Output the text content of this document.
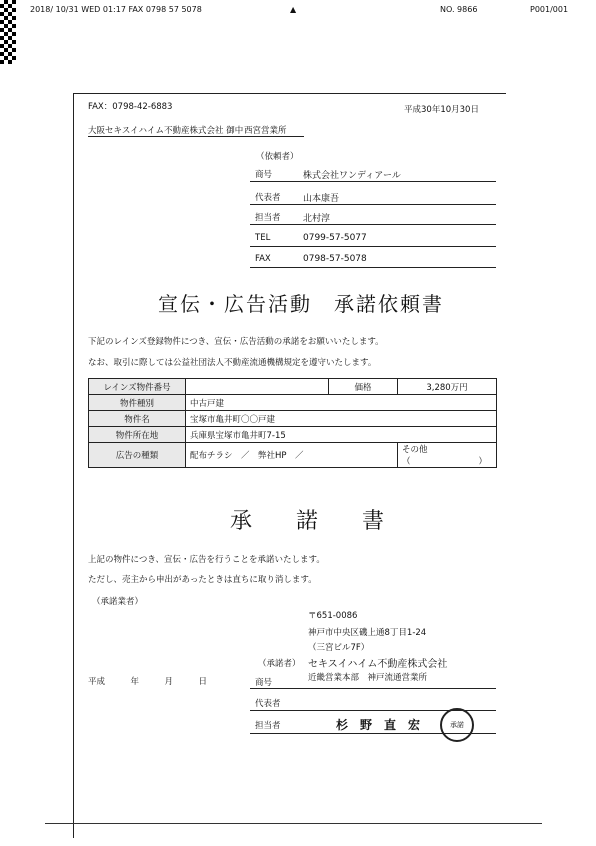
2018/ 10/31 WED 01:17 FAX 0798 57 5078	▲	NO. 9866	P001/001
FAX：0798-42-6883	平成30年10月30日
大阪セキスイハイム不動産株式会社 御中 西宮営業所
（依頼者）
商号	株式会社ワンディアール
代表者 山本康吾
担当者 北村淳
TEL	0799-57-5077
FAX	0798-57-5078
宣伝・広告活動　承諾依頼書
下記のレインズ登録物件につき、宣伝・広告活動の承諾をお願いいたします。
なお、取引に際しては公益社団法人不動産流通機構規定を遵守いたします。
レインズ物件番号		価格	3,280万円
物件種別	中古戸建		
物件名	宝塚市亀井町〇〇戸建		
物件所在地	兵庫県宝塚市亀井町7-15		
広告の種類	配布チラシ　／　弊社HP　／		その他（　　　　　　　　）
承　　諾　　書
上記の物件につき、宣伝・広告を行うことを承諾いたします。
ただし、売主から申出があったときは直ちに取り消します。
（承諾業者）
〒651-0086
神戸市中央区磯上通8丁目1-24
（三宮ビル7F）
（承諾者） セキスイハイム不動産株式会社
近畿営業本部　神戸流通営業所
平成　　　年　　　月　　　日	商号
代表者
担当者	杉　野　直　宏	承諾
